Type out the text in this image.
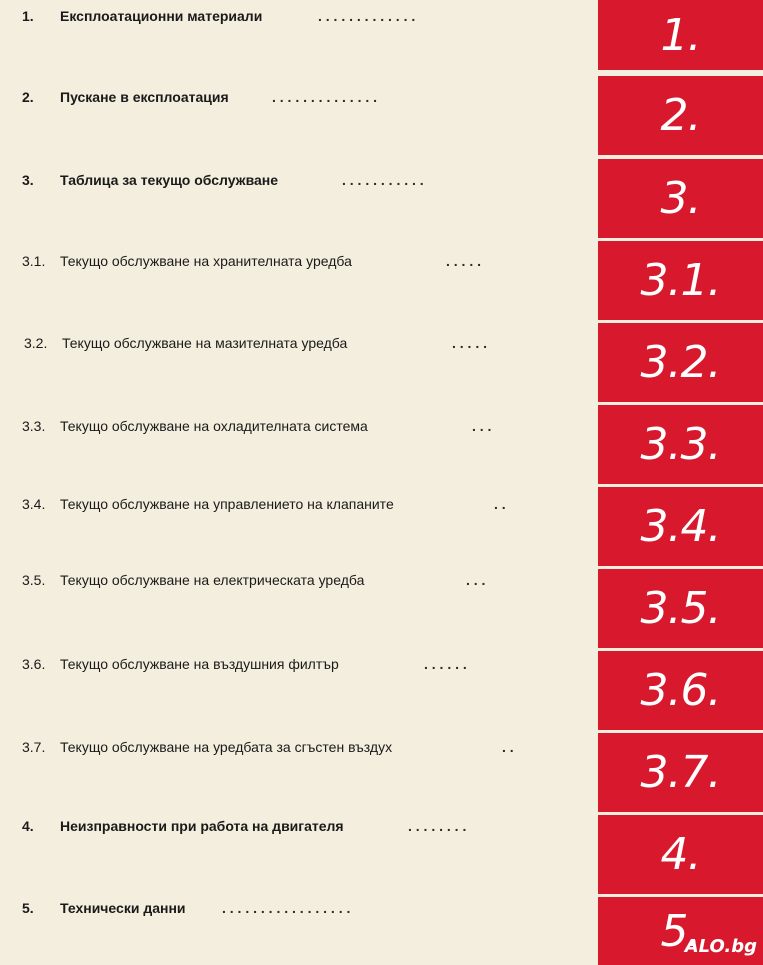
1.	Експлоатационни материали	. . . . . . . . . . . . .
2.	Пускане в експлоатация	. . . . . . . . . . . . . .
3.	Таблица за текущо обслужване	. . . . . . . . . . .
3.1.	Текущо обслужване на хранителната уредба	. . . . .
3.2.	Текущо обслужване на мазителната уредба	. . . . .
3.3.	Текущо обслужване на охладителната система	. . .
3.4.	Текущо обслужване на управлението на клапаните	. .
3.5.	Текущо обслужване на електрическата уредба	. . .
3.6.	Текущо обслужване на въздушния филтър	. . . . . .
3.7.	Текущо обслужване на уредбата за сгъстен въздух	. .
4.	Неизправности при работа на двигателя	. . . . . . . .
5.	Технически данни	. . . . . . . . . . . . . . . . .
1.
2.
3.
3.1.
3.2.
3.3.
3.4.
3.5.
3.6.
3.7.
4.
5.
ALO.bg
